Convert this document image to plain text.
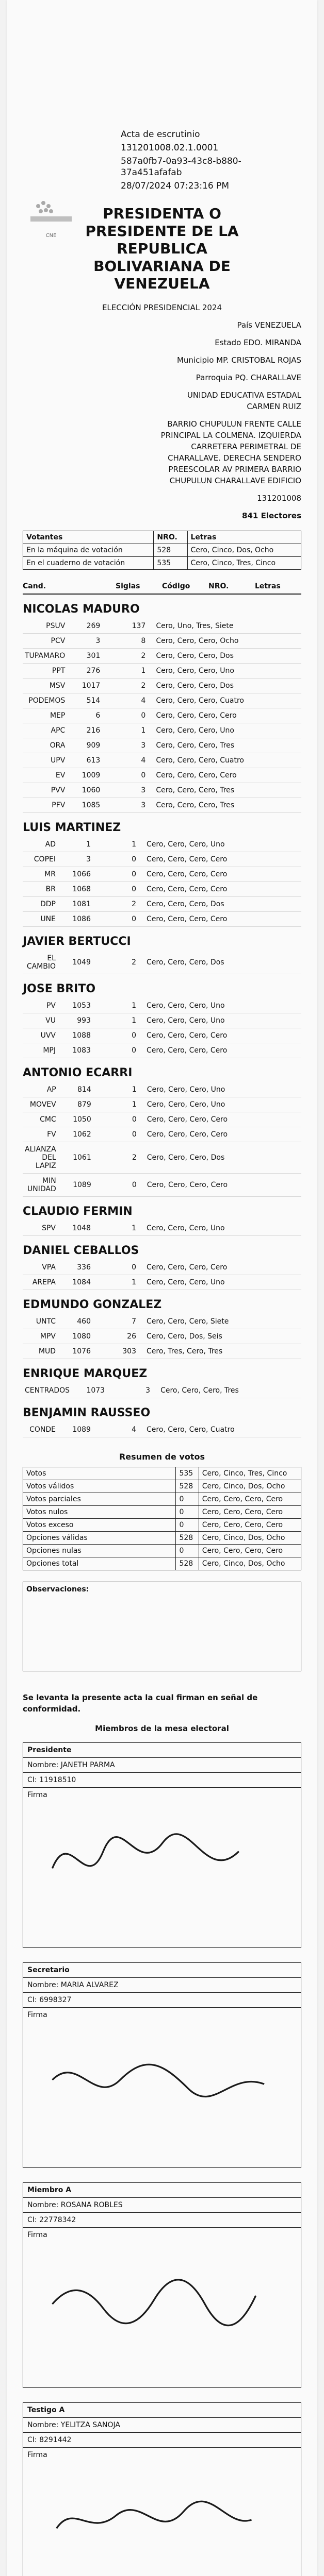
CNE
Acta de escrutinio
131201008.02.1.0001
587a0fb7-0a93-43c8-b880-37a451afafab
28/07/2024 07:23:16 PM
PRESIDENTA O
PRESIDENTE DE LA
REPUBLICA
BOLIVARIANA DE
VENEZUELA
ELECCIÓN PRESIDENCIAL 2024
País VENEZUELA
Estado EDO. MIRANDA
Municipio MP. CRISTOBAL ROJAS
Parroquia PQ. CHARALLAVE
UNIDAD EDUCATIVA ESTADAL
CARMEN RUIZ
BARRIO CHUPULUN FRENTE CALLE
PRINCIPAL LA COLMENA. IZQUIERDA
CARRETERA PERIMETRAL DE
CHARALLAVE. DERECHA SENDERO
PREESCOLAR AV PRIMERA BARRIO
CHUPULUN CHARALLAVE EDIFICIO
131201008
841 Electores
Votantes	NRO.	Letras
En la máquina de votación	528	Cero, Cinco, Dos, Ocho
En el cuaderno de votación	535	Cero, Cinco, Tres, Cinco
Cand.	Siglas	Código	NRO.	Letras
NICOLAS MADURO
PSUV	269	137	Cero, Uno, Tres, Siete
PCV	3	8	Cero, Cero, Cero, Ocho
TUPAMARO	301	2	Cero, Cero, Cero, Dos
PPT	276	1	Cero, Cero, Cero, Uno
MSV	1017	2	Cero, Cero, Cero, Dos
PODEMOS	514	4	Cero, Cero, Cero, Cuatro
MEP	6	0	Cero, Cero, Cero, Cero
APC	216	1	Cero, Cero, Cero, Uno
ORA	909	3	Cero, Cero, Cero, Tres
UPV	613	4	Cero, Cero, Cero, Cuatro
EV	1009	0	Cero, Cero, Cero, Cero
PVV	1060	3	Cero, Cero, Cero, Tres
PFV	1085	3	Cero, Cero, Cero, Tres
LUIS MARTINEZ
AD	1	1	Cero, Cero, Cero, Uno
COPEI	3	0	Cero, Cero, Cero, Cero
MR	1066	0	Cero, Cero, Cero, Cero
BR	1068	0	Cero, Cero, Cero, Cero
DDP	1081	2	Cero, Cero, Cero, Dos
UNE	1086	0	Cero, Cero, Cero, Cero
JAVIER BERTUCCI
EL CAMBIO	1049	2	Cero, Cero, Cero, Dos
JOSE BRITO
PV	1053	1	Cero, Cero, Cero, Uno
VU	993	1	Cero, Cero, Cero, Uno
UVV	1088	0	Cero, Cero, Cero, Cero
MPJ	1083	0	Cero, Cero, Cero, Cero
ANTONIO ECARRI
AP	814	1	Cero, Cero, Cero, Uno
MOVEV	879	1	Cero, Cero, Cero, Uno
CMC	1050	0	Cero, Cero, Cero, Cero
FV	1062	0	Cero, Cero, Cero, Cero
ALIANZA DEL LAPIZ	1061	2	Cero, Cero, Cero, Dos
MIN UNIDAD	1089	0	Cero, Cero, Cero, Cero
CLAUDIO FERMIN
SPV	1048	1	Cero, Cero, Cero, Uno
DANIEL CEBALLOS
VPA	336	0	Cero, Cero, Cero, Cero
AREPA	1084	1	Cero, Cero, Cero, Uno
EDMUNDO GONZALEZ
UNTC	460	7	Cero, Cero, Cero, Siete
MPV	1080	26	Cero, Cero, Dos, Seis
MUD	1076	303	Cero, Tres, Cero, Tres
ENRIQUE MARQUEZ
CENTRADOS	1073	3	Cero, Cero, Cero, Tres
BENJAMIN RAUSSEO
CONDE	1089	4	Cero, Cero, Cero, Cuatro
Resumen de votos
Votos	535	Cero, Cinco, Tres, Cinco
Votos válidos	528	Cero, Cinco, Dos, Ocho
Votos parciales	0	Cero, Cero, Cero, Cero
Votos nulos	0	Cero, Cero, Cero, Cero
Votos exceso	0	Cero, Cero, Cero, Cero
Opciones válidas	528	Cero, Cinco, Dos, Ocho
Opciones nulas	0	Cero, Cero, Cero, Cero
Opciones total	528	Cero, Cinco, Dos, Ocho
Observaciones:
Se levanta la presente acta la cual firman en señal de conformidad.
Miembros de la mesa electoral
Presidente
Nombre: JANETH PARMA
CI: 11918510
Firma
Secretario
Nombre: MARIA ALVAREZ
CI: 6998327
Firma
Miembro A
Nombre: ROSANA ROBLES
CI: 22778342
Firma
Testigo A
Nombre: YELITZA SANOJA
CI: 8291442
Firma
